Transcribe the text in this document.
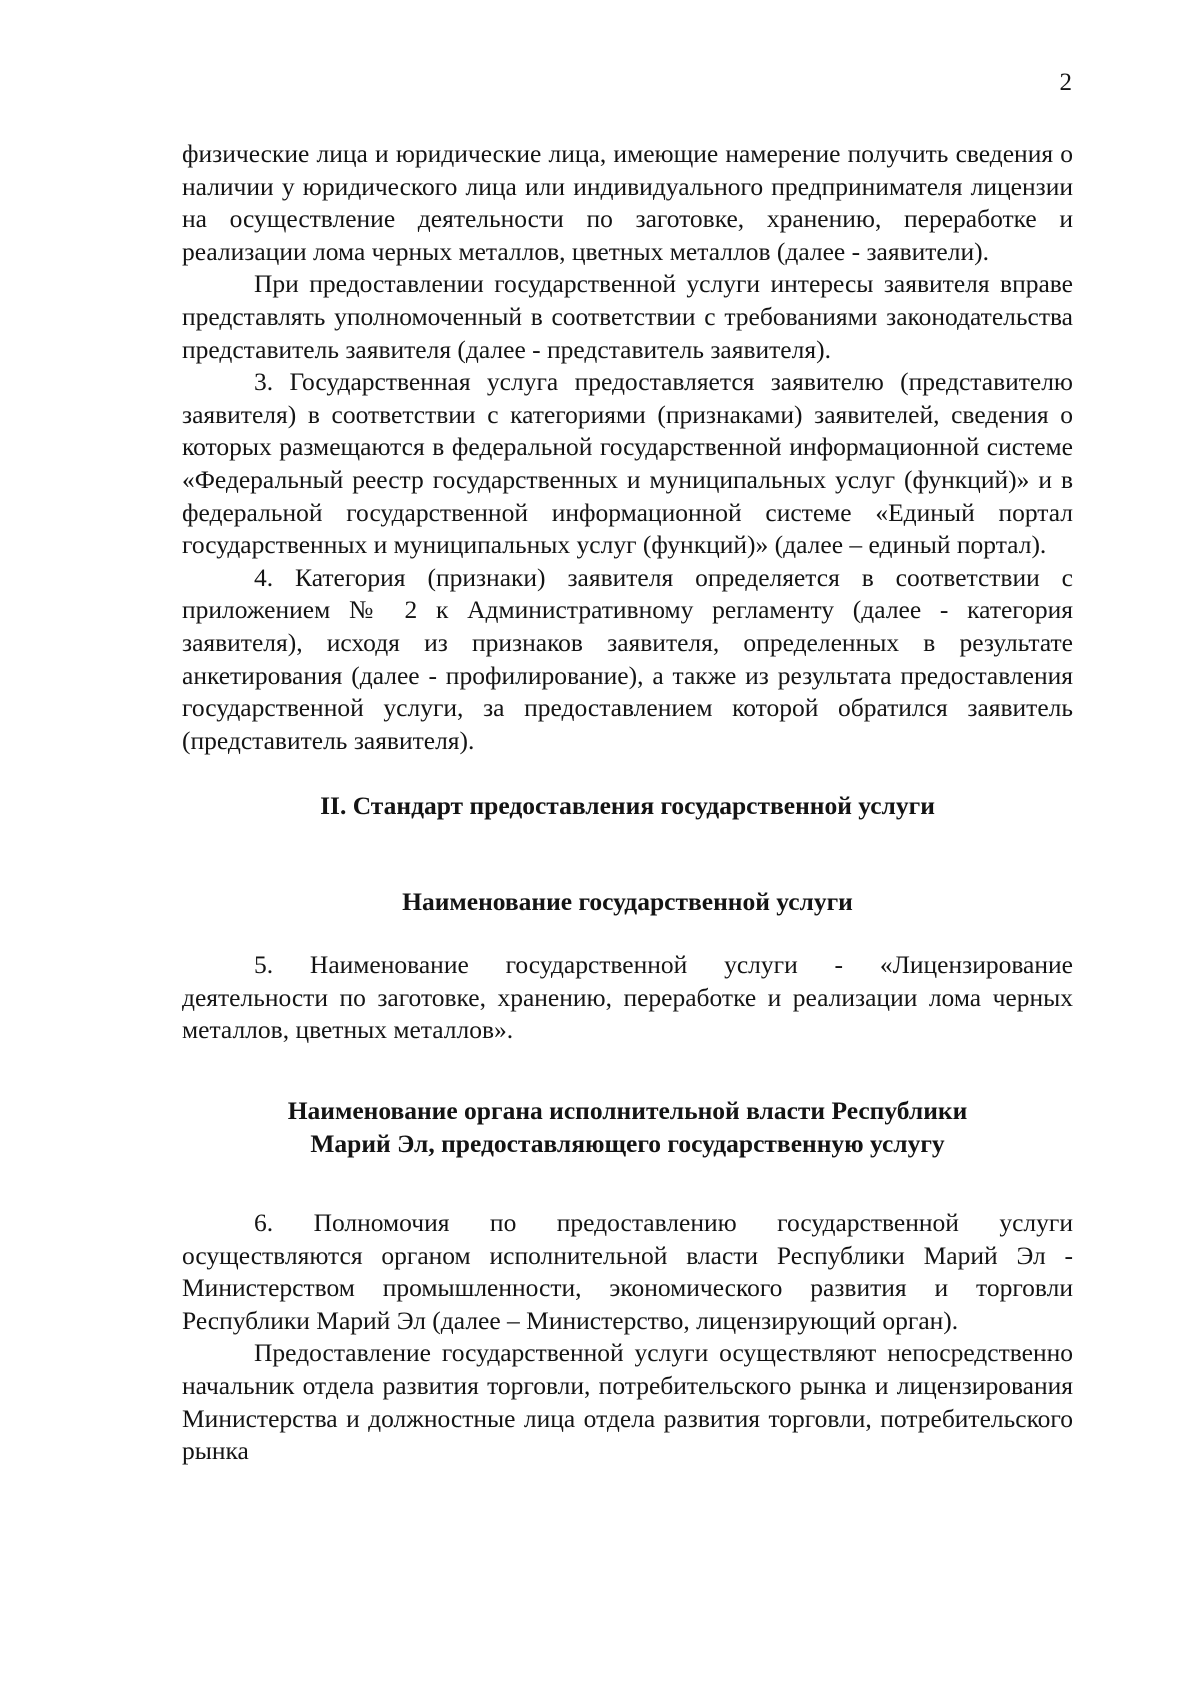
2

физические лица и юридические лица, имеющие намерение получить сведения о наличии у юридического лица или индивидуального предпринимателя лицензии на осуществление деятельности по заготовке, хранению, переработке и реализации лома черных металлов, цветных металлов (далее - заявители).

При предоставлении государственной услуги интересы заявителя вправе представлять уполномоченный в соответствии с требованиями законодательства представитель заявителя (далее - представитель заявителя).

3. Государственная услуга предоставляется заявителю (представителю заявителя) в соответствии с категориями (признаками) заявителей, сведения о которых размещаются в федеральной государственной информационной системе «Федеральный реестр государственных и муниципальных услуг (функций)» и в федеральной государственной информационной системе «Единый портал государственных и муниципальных услуг (функций)» (далее – единый портал).

4. Категория (признаки) заявителя определяется в соответствии с приложением № 2 к Административному регламенту (далее - категория заявителя), исходя из признаков заявителя, определенных в результате анкетирования (далее - профилирование), а также из результата предоставления государственной услуги, за предоставлением которой обратился заявитель (представитель заявителя).

II. Стандарт предоставления государственной услуги
Наименование государственной услуги

5. Наименование государственной услуги - «Лицензирование деятельности по заготовке, хранению, переработке и реализации лома черных металлов, цветных металлов».

Наименование органа исполнительной власти Республики
Марий Эл, предоставляющего государственную услугу

6. Полномочия по предоставлению государственной услуги осуществляются органом исполнительной власти Республики Марий Эл - Министерством промышленности, экономического развития и торговли Республики Марий Эл (далее – Министерство, лицензирующий орган).

Предоставление государственной услуги осуществляют непосредственно начальник отдела развития торговли, потребительского рынка и лицензирования Министерства и должностные лица отдела развития торговли, потребительского рынка
